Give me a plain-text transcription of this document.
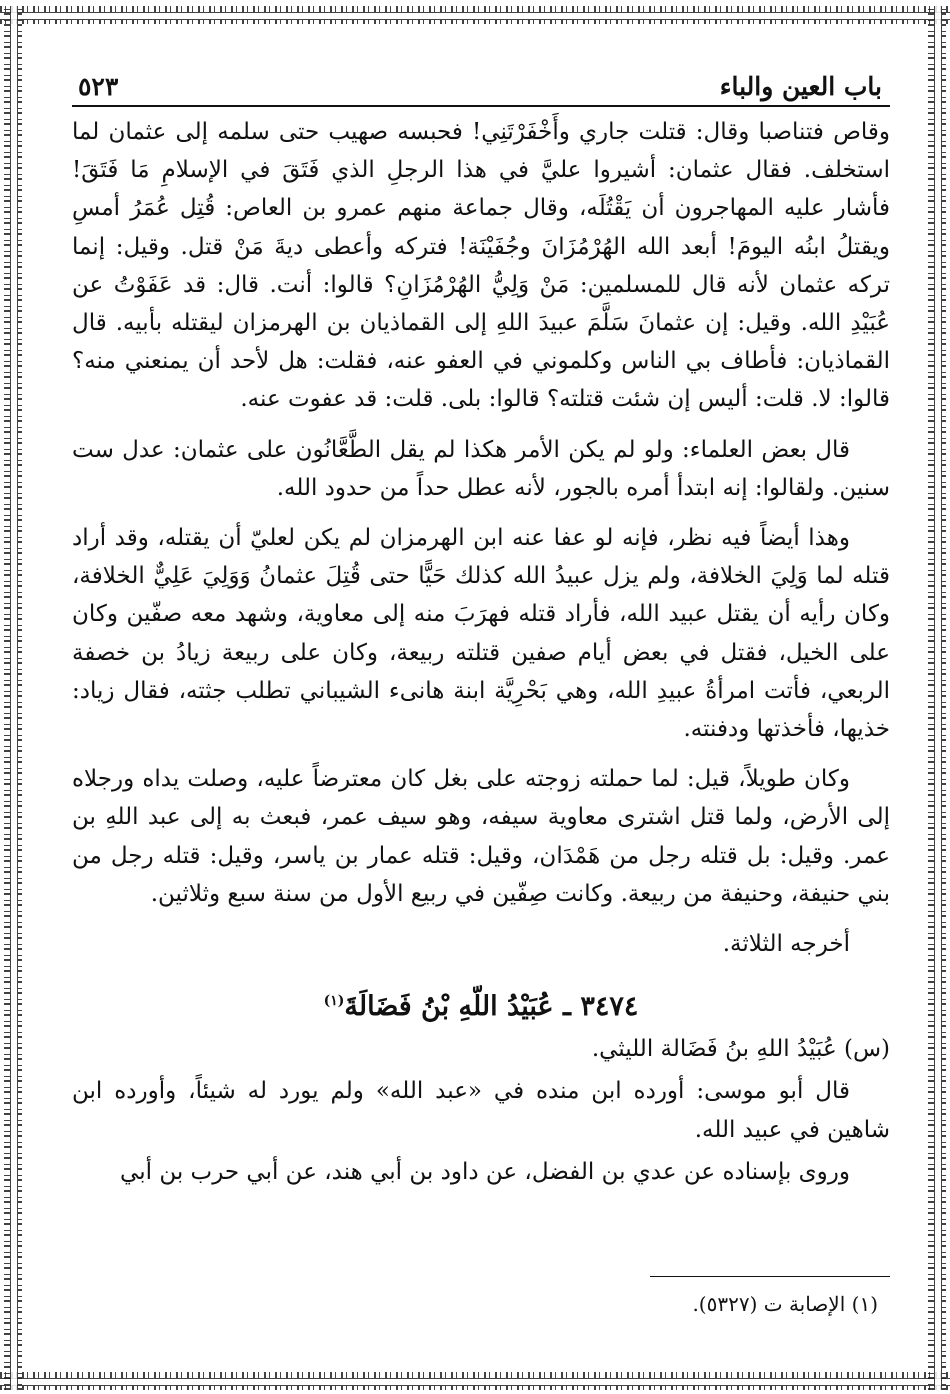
باب العين والباء
٥٢٣

وقاص فتناصبا وقال: قتلت جاري وأَخْفَرْتَنِي! فحبسه صهيب حتى سلمه إلى عثمان لما استخلف. فقال عثمان: أشيروا عليَّ في هذا الرجلِ الذي فَتَقَ في الإسلامِ مَا فَتَقَ! فأشار عليه المهاجرون أن يَقْتُلَه، وقال جماعة منهم عمرو بن العاص: قُتِل عُمَرُ أمسِ ويقتلُ ابنُه اليومَ! أبعد الله الهُرْمُزَانَ وجُفَيْنَة! فتركه وأعطى ديةَ مَنْ قتل. وقيل: إنما تركه عثمان لأنه قال للمسلمين: مَنْ وَلِيُّ الهُرْمُزَانِ؟ قالوا: أنت. قال: قد عَفَوْتُ عن عُبَيْدِ الله. وقيل: إن عثمانَ سَلَّمَ عبيدَ اللهِ إلى القماذيان بن الهرمزان ليقتله بأبيه. قال القماذيان: فأطاف بي الناس وكلموني في العفو عنه، فقلت: هل لأحد أن يمنعني منه؟ قالوا: لا. قلت: أليس إن شئت قتلته؟ قالوا: بلى. قلت: قد عفوت عنه.

قال بعض العلماء: ولو لم يكن الأمر هكذا لم يقل الطَّعَّانُون على عثمان: عدل ست سنين. ولقالوا: إنه ابتدأ أمره بالجور، لأنه عطل حداً من حدود الله.

وهذا أيضاً فيه نظر، فإنه لو عفا عنه ابن الهرمزان لم يكن لعليّ أن يقتله، وقد أراد قتله لما وَلِيَ الخلافة، ولم يزل عبيدُ الله كذلك حَيًّا حتى قُتِلَ عثمانُ وَوَلِيَ عَلِيٌّ الخلافة، وكان رأيه أن يقتل عبيد الله، فأراد قتله فهرَبَ منه إلى معاوية، وشهد معه صفّين وكان على الخيل، فقتل في بعض أيام صفين قتلته ربيعة، وكان على ربيعة زيادُ بن خصفة الربعي، فأتت امرأةُ عبيدِ الله، وهي بَحْرِيَّة ابنة هانىء الشيباني تطلب جثته، فقال زياد: خذيها، فأخذتها ودفنته.

وكان طويلاً، قيل: لما حملته زوجته على بغل كان معترضاً عليه، وصلت يداه ورجلاه إلى الأرض، ولما قتل اشترى معاوية سيفه، وهو سيف عمر، فبعث به إلى عبد اللهِ بن عمر. وقيل: بل قتله رجل من هَمْدَان، وقيل: قتله عمار بن ياسر، وقيل: قتله رجل من بني حنيفة، وحنيفة من ربيعة. وكانت صِفّين في ربيع الأول من سنة سبع وثلاثين.

أخرجه الثلاثة.

٣٤٧٤ ـ عُبَيْدُ اللّهِ بْنُ فَضَالَةَ$^{(١)}$

(س) عُبَيْدُ اللهِ بنُ فَضَالة الليثي.

قال أبو موسى: أورده ابن منده في «عبد الله» ولم يورد له شيئاً، وأورده ابن شاهين في عبيد الله.

وروى بإسناده عن عدي بن الفضل، عن داود بن أبي هند، عن أبي حرب بن أبي

(١) الإصابة ت (٥٣٢٧).
